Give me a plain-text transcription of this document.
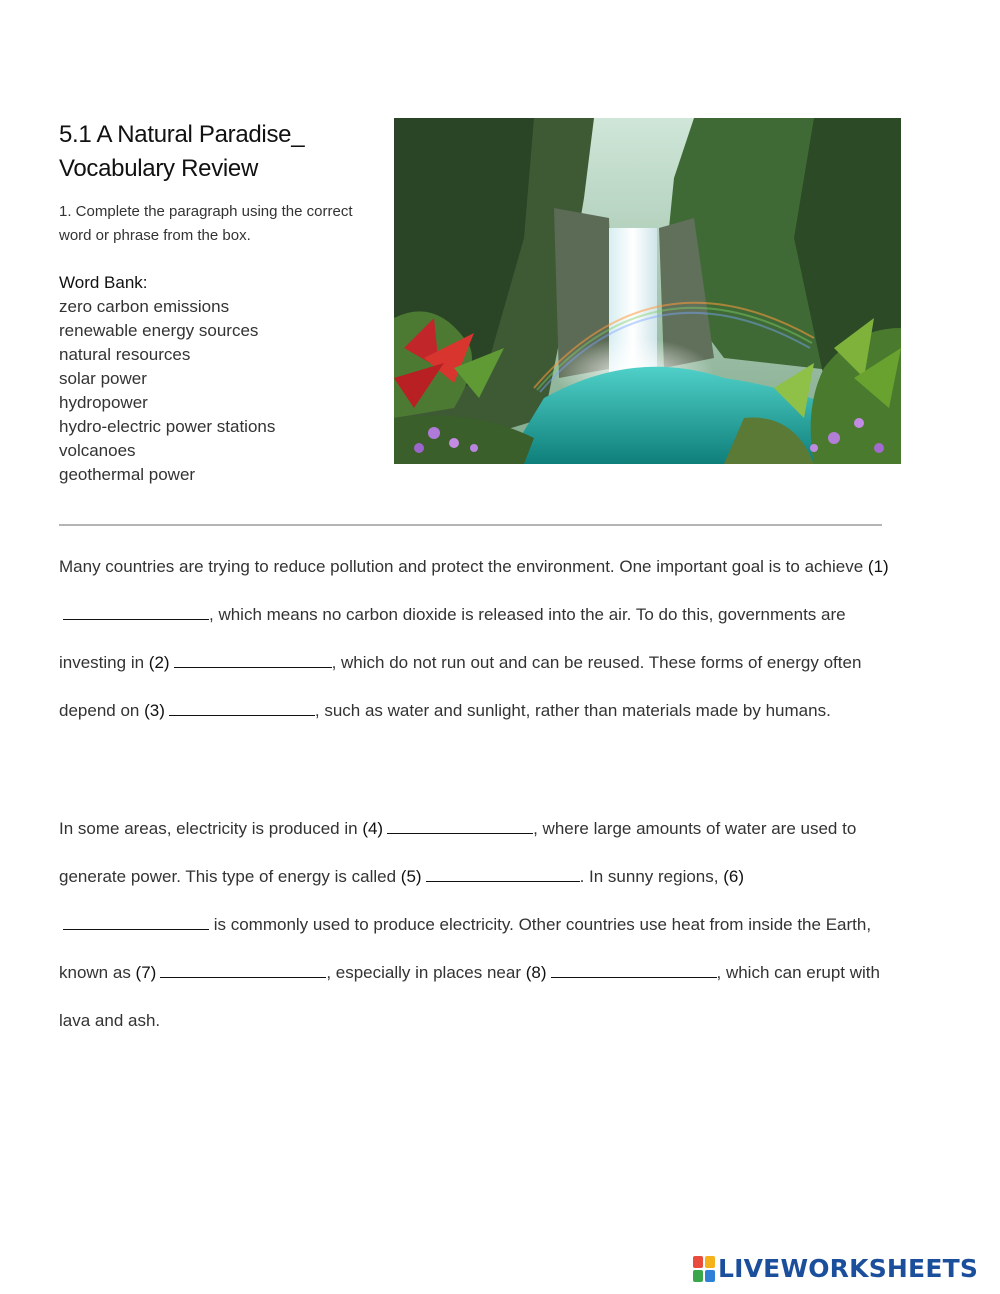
5.1 A Natural Paradise_ Vocabulary Review
1. Complete the paragraph using the correct word or phrase from the box.
Word Bank:
zero carbon emissions
renewable energy sources
natural resources
solar power
hydropower
hydro-electric power stations
volcanoes
geothermal power
Many countries are trying to reduce pollution and protect the environment. One important goal is to achieve (1), which means no carbon dioxide is released into the air. To do this, governments are investing in (2)	, which do not run out and can be reused. These forms of energy often depend on (3)	, such as water and sunlight, rather than materials made by humans.
In some areas, electricity is produced in (4)	, where large amounts of water are used to generate power. This type of energy is called (5)	. In sunny regions, (6) is commonly used to produce electricity. Other countries use heat from inside the Earth, known as (7)	, especially in places near (8)	, which can erupt with lava and ash.
LIVEWORKSHEETS
